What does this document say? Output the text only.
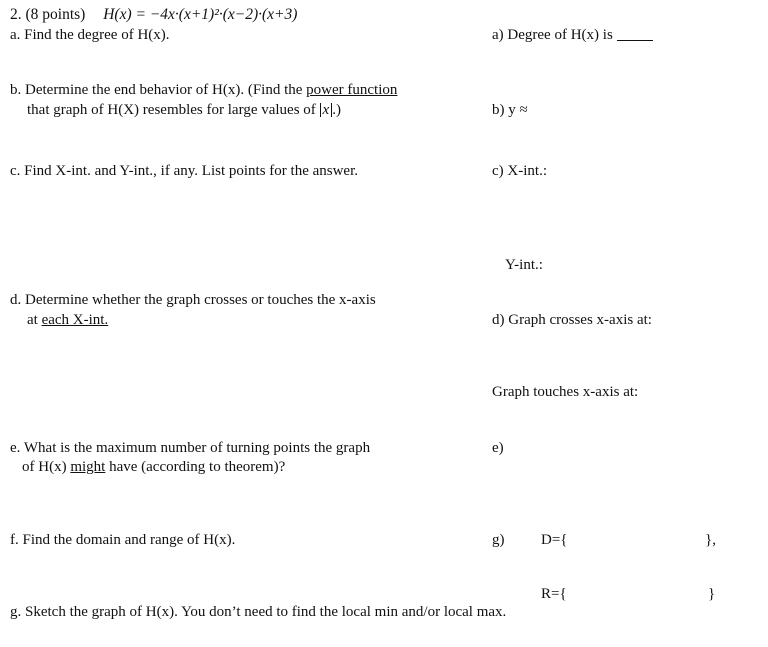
2. (8 points) H(x) = −4x·(x+1)²·(x−2)·(x+3)
a. Find the degree of H(x).	a) Degree of H(x) is
b. Determine the end behavior of H(x). (Find the power function
that graph of H(X) resembles for large values of x .)	b) y ≈
c. Find X-int. and Y-int., if any. List points for the answer.	c) X-int.:
Y-int.:
d. Determine whether the graph crosses or touches the x-axis
at each X-int.	d) Graph crosses x-axis at:
Graph touches x-axis at:
e. What is the maximum number of turning points the graph
of H(x) might have (according to theorem)?
e)
f. Find the domain and range of H(x).	g) D={	},
R={	}
g. Sketch the graph of H(x). You don’t need to find the local min and/or local max.
